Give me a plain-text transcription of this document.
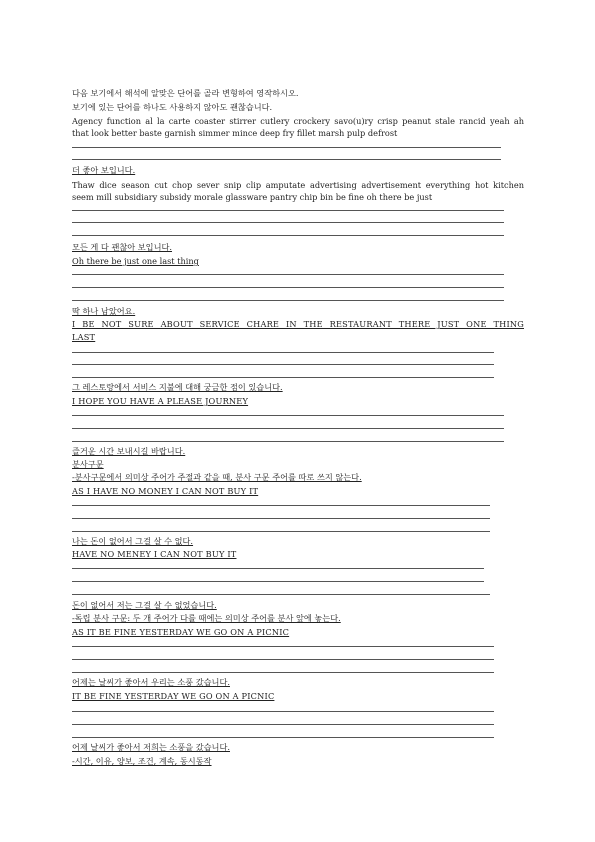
다음 보기에서 해석에 알맞은 단어를 골라 변형하여 영작하시오.
보기에 있는 단어를 하나도 사용하지 않아도 괜찮습니다.
Agency function al la carte coaster stirrer cutlery crockery savo(u)ry crisp peanut stale rancid yeah ah
that look better baste garnish simmer mince deep fry fillet marsh pulp defrost
더 좋아 보입니다.
Thaw dice season cut chop sever snip clip amputate advertising advertisement everything hot kitchen
seem mill subsidiary subsidy morale glassware pantry chip bin be fine oh there be just
모든 게 다 괜찮아 보입니다.
Oh there be just one last thing
딱 하나 남았어요.
I BE NOT SURE ABOUT SERVICE CHARE IN THE RESTAURANT THERE JUST ONE THING
LAST
그 레스토랑에서 서비스 지불에 대해 궁금한 점이 있습니다.
I HOPE YOU HAVE A PLEASE JOURNEY
즐거운 시간 보내시길 바랍니다.
분사구문
-분사구문에서 의미상 주어가 주절과 같을 때, 분사 구문 주어를 따로 쓰지 않는다.
AS I HAVE NO MONEY I CAN NOT BUY IT
나는 돈이 없어서 그걸 살 수 없다.
HAVE NO MENEY I CAN NOT BUY IT
돈이 없어서 저는 그걸 살 수 없었습니다.
-독립 분사 구문: 두 개 주어가 다를 때에는 의미상 주어를 분사 앞에 놓는다.
AS IT BE FINE YESTERDAY WE GO ON A PICNIC
어제는 날씨가 좋아서 우리는 소풍 갔습니다.
IT BE FINE YESTERDAY WE GO ON A PICNIC
어제 날씨가 좋아서 저희는 소풍을 갔습니다.
-시간, 이유, 양보, 조건, 계속, 동시동작
